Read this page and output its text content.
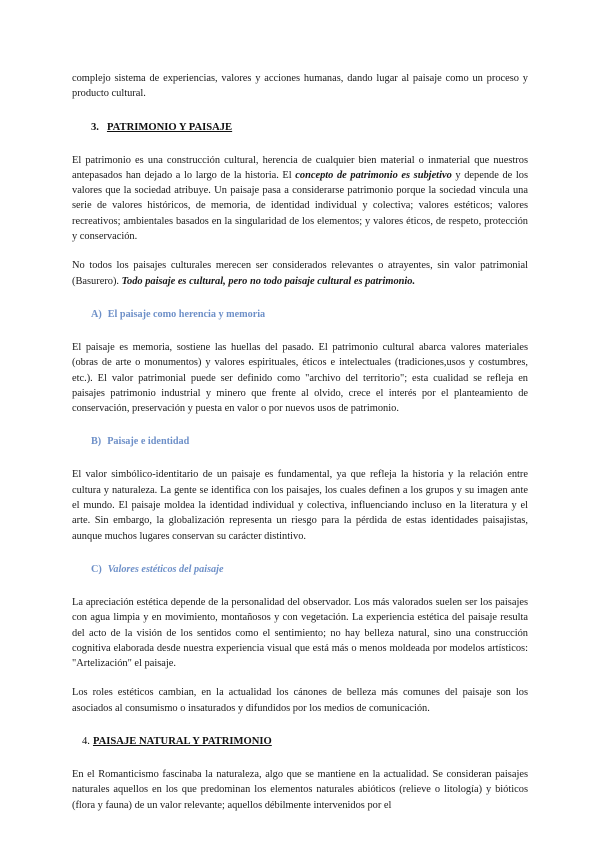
complejo sistema de experiencias, valores y acciones humanas, dando lugar al paisaje como un proceso y producto cultural.

3. PATRIMONIO Y PAISAJE

El patrimonio es una construcción cultural, herencia de cualquier bien material o inmaterial que nuestros antepasados han dejado a lo largo de la historia. El concepto de patrimonio es subjetivo y depende de los valores que la sociedad atribuye. Un paisaje pasa a considerarse patrimonio porque la sociedad vincula una serie de valores históricos, de memoria, de identidad individual y colectiva; valores estéticos; valores recreativos; ambientales basados en la singularidad de los elementos; y valores éticos, de respeto, protección y conservación.

No todos los paisajes culturales merecen ser considerados relevantes o atrayentes, sin valor patrimonial (Basurero). Todo paisaje es cultural, pero no todo paisaje cultural es patrimonio.

A) El paisaje como herencia y memoria

El paisaje es memoria, sostiene las huellas del pasado. El patrimonio cultural abarca valores materiales (obras de arte o monumentos) y valores espirituales, éticos e intelectuales (tradiciones,usos y costumbres, etc.). El valor patrimonial puede ser definido como "archivo del territorio"; esta cualidad se refleja en paisajes patrimonio industrial y minero que frente al olvido, crece el interés por el planteamiento de conservación, preservación y puesta en valor o por nuevos usos de patrimonio.

B) Paisaje e identidad

El valor simbólico-identitario de un paisaje es fundamental, ya que refleja la historia y la relación entre cultura y naturaleza. La gente se identifica con los paisajes, los cuales definen a los grupos y su imagen ante el mundo. El paisaje moldea la identidad individual y colectiva, influenciando incluso en la literatura y el arte. Sin embargo, la globalización representa un riesgo para la pérdida de estas identidades paisajistas, aunque muchos lugares conservan su carácter distintivo.

C) Valores estéticos del paisaje

La apreciación estética depende de la personalidad del observador. Los más valorados suelen ser los paisajes con agua limpia y en movimiento, montañosos y con vegetación. La experiencia estética del paisaje resulta del acto de la visión de los sentidos como el sentimiento; no hay belleza natural, sino una construcción cognitiva elaborada desde nuestra experiencia visual que está más o menos moldeada por modelos artísticos: "Artelización" el paisaje.

Los roles estéticos cambian, en la actualidad los cánones de belleza más comunes del paisaje son los asociados al consumismo o insaturados y difundidos por los medios de comunicación.

4. PAISAJE NATURAL Y PATRIMONIO

En el Romanticismo fascinaba la naturaleza, algo que se mantiene en la actualidad. Se consideran paisajes naturales aquellos en los que predominan los elementos naturales abióticos (relieve o litología) y bióticos (flora y fauna) de un valor relevante; aquellos débilmente intervenidos por el
